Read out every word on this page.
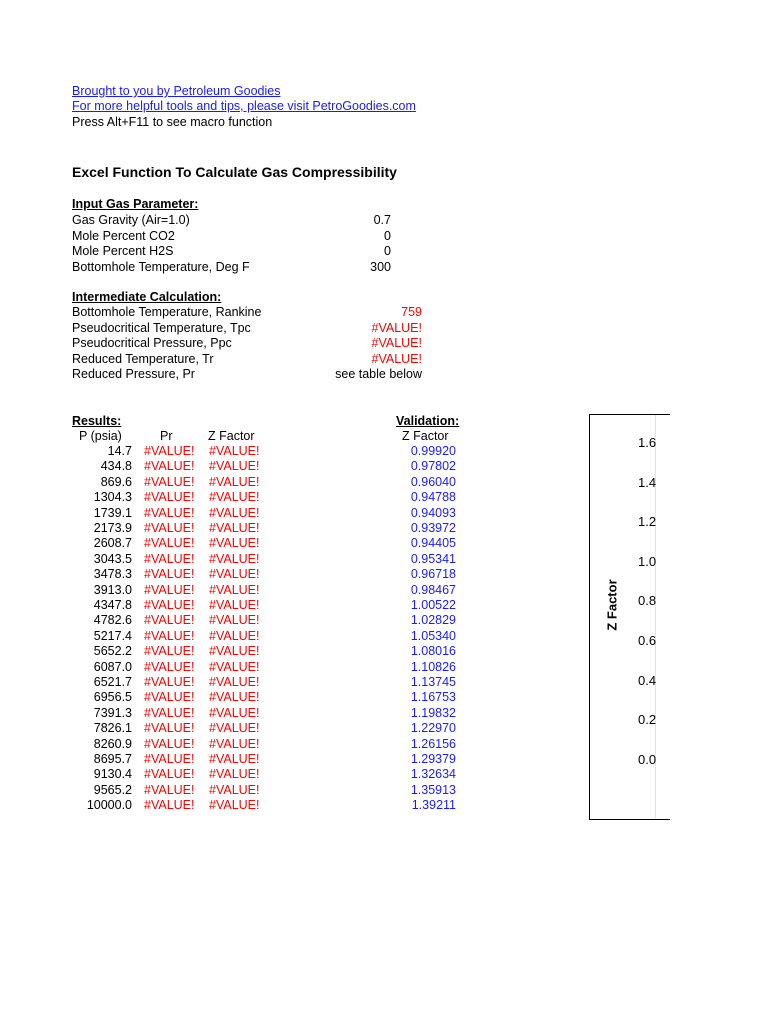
Brought to you by Petroleum Goodies
For more helpful tools and tips, please visit PetroGoodies.com
Press Alt+F11 to see macro function
Excel Function To Calculate Gas Compressibility
Input Gas Parameter:
Gas Gravity (Air=1.0)	0.7
Mole Percent CO2	0
Mole Percent H2S	0
Bottomhole Temperature, Deg F	300
Intermediate Calculation:
Bottomhole Temperature, Rankine	759
Pseudocritical Temperature, Tpc	#VALUE!
Pseudocritical Pressure, Ppc	#VALUE!
Reduced Temperature, Tr	#VALUE!
Reduced Pressure, Pr	see table below
Results:	Validation:
P (psia)	Pr	Z Factor	Z Factor
14.7 #VALUE! #VALUE!	0.99920
434.8 #VALUE! #VALUE!	0.97802
869.6 #VALUE! #VALUE!	0.96040
1304.3 #VALUE! #VALUE!	0.94788
1739.1 #VALUE! #VALUE!	0.94093
2173.9 #VALUE! #VALUE!	0.93972
2608.7 #VALUE! #VALUE!	0.94405
3043.5 #VALUE! #VALUE!	0.95341
3478.3 #VALUE! #VALUE!	0.96718
3913.0 #VALUE! #VALUE!	0.98467
4347.8 #VALUE! #VALUE!	1.00522
4782.6 #VALUE! #VALUE!	1.02829
5217.4 #VALUE! #VALUE!	1.05340
5652.2 #VALUE! #VALUE!	1.08016
6087.0 #VALUE! #VALUE!	1.10826
6521.7 #VALUE! #VALUE!	1.13745
6956.5 #VALUE! #VALUE!	1.16753
7391.3 #VALUE! #VALUE!	1.19832
7826.1 #VALUE! #VALUE!	1.22970
8260.9 #VALUE! #VALUE!	1.26156
8695.7 #VALUE! #VALUE!	1.29379
9130.4 #VALUE! #VALUE!	1.32634
9565.2 #VALUE! #VALUE!	1.35913
10000.0 #VALUE! #VALUE!	1.39211
Z Factor
1.6
1.4
1.2
1.0
0.8
0.6
0.4
0.2
0.0
